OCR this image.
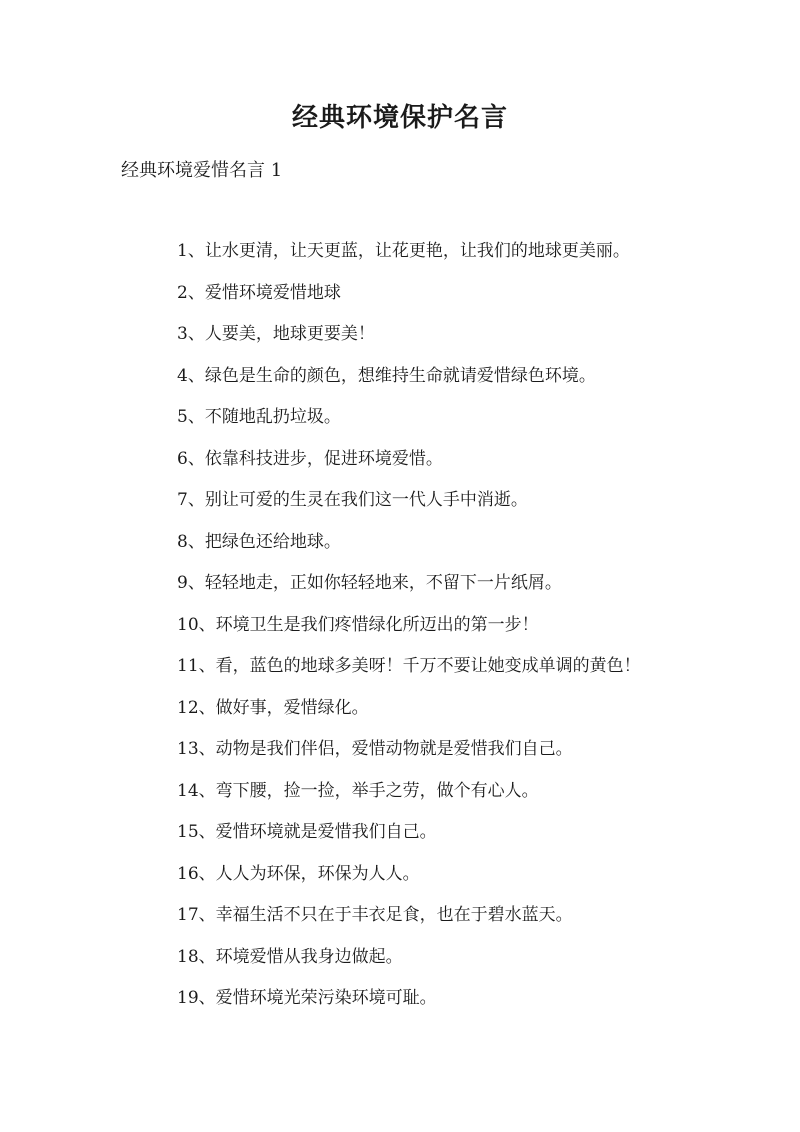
经典环境保护名言

经典环境爱惜名言 1

1、让水更清，让天更蓝，让花更艳，让我们的地球更美丽。
2、爱惜环境爱惜地球
3、人要美，地球更要美！
4、绿色是生命的颜色，想维持生命就请爱惜绿色环境。
5、不随地乱扔垃圾。
6、依靠科技进步，促进环境爱惜。
7、别让可爱的生灵在我们这一代人手中消逝。
8、把绿色还给地球。
9、轻轻地走，正如你轻轻地来，不留下一片纸屑。
10、环境卫生是我们疼惜绿化所迈出的第一步！
11、看，蓝色的地球多美呀！千万不要让她变成单调的黄色！
12、做好事，爱惜绿化。
13、动物是我们伴侣，爱惜动物就是爱惜我们自己。
14、弯下腰，捡一捡，举手之劳，做个有心人。
15、爱惜环境就是爱惜我们自己。
16、人人为环保，环保为人人。
17、幸福生活不只在于丰衣足食，也在于碧水蓝天。
18、环境爱惜从我身边做起。
19、爱惜环境光荣污染环境可耻。
